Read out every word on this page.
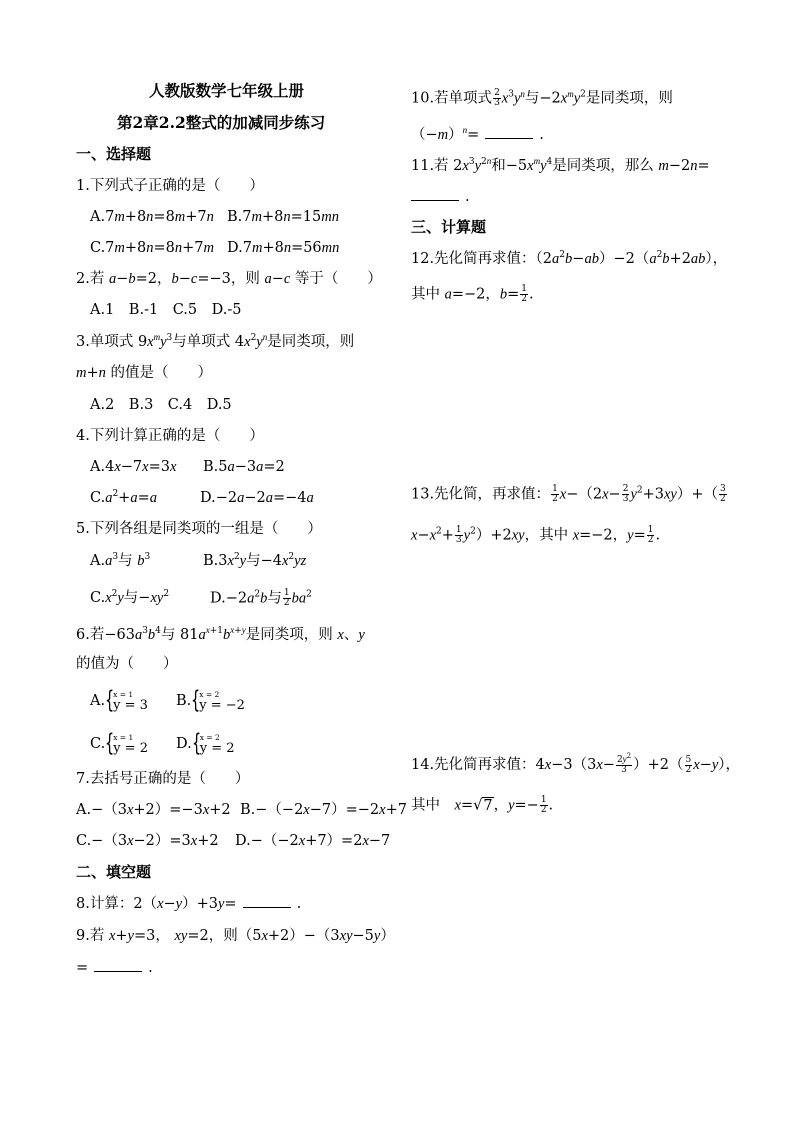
人教版数学七年级上册
第2章2.2整式的加减同步练习
一、选择题
1.下列式子正确的是（　　）
A.7m+8n=8m+7n B.7m+8n=15mn
C.7m+8n=8n+7m D.7m+8n=56mn
2.若 a−b=2，b−c=−3，则 a−c 等于（　　）
A.1　B.-1　C.5　D.-5
3.单项式 $9x^my^3$与单项式 $4x^2y^n$是同类项，则
m+n 的值是（　　）
A.2　B.3　C.4　D.5
4.下列计算正确的是（　　）
A.4x−7x=3x B.5a−3a=2
$C.a^2+a=a$	D.−2a−2a=−4a
5.下列各组是同类项的一组是（　　）
$A.a^3$与 $b^3$	$B.3x^2y$与$-4x^2yz$
$C.x^2y$与$-xy^2$	$D.-2a^2b$与 $\frac{1}{2} ba^2$
6.若$-63a^3b^4$与 $81a^{x+1}b^{x+y}$是同类项，则 x、y
的值为（　　）
A. { x = 1
y = 3 B. { x = 2
y = −2
C. { x = 1
y = 2 D. { x = 2
y = 2
7.去括号正确的是（　　）
A.−（3x+2）=−3x+2 B.−（−2x−7）=−2x+7
C.−（3x−2）=3x+2 D.−（−2x+7）=2x−7
二、填空题
8.计算：2（x−y）+3y=	.
9.若 x+y=3， xy=2，则（5x+2）−（3xy−5y）
=	.
10.若单项式 $\frac{2}{3} x^3y^n$与$-2x^my^2$是同类项，则
$(-m)^n=$	.
11.若 $2x^3y^{2n}$和$-5x^my^4$是同类项，那么 m−2n=
.
三、计算题
12.先化简再求值：$(2a^2b-ab)-2(a^2b+2ab)$，
其中 a=−2，$b= \frac{1}{2}$ .
13.先化简，再求值： $\frac{1}{2} x-(2x- \frac{2}{3} y^2+3xy)+( \frac{3}{2}$
$x-x^2+ \frac{1}{3} y^2)+2xy$，其中 x=−2，$y= \frac{1}{2}$ .
14.先化简再求值：$4x-3(3x- \frac{2y^2}{3} )+2( \frac{5}{2} x-y)$，
其中　x=√7，$y=- \frac{1}{2}$ .
